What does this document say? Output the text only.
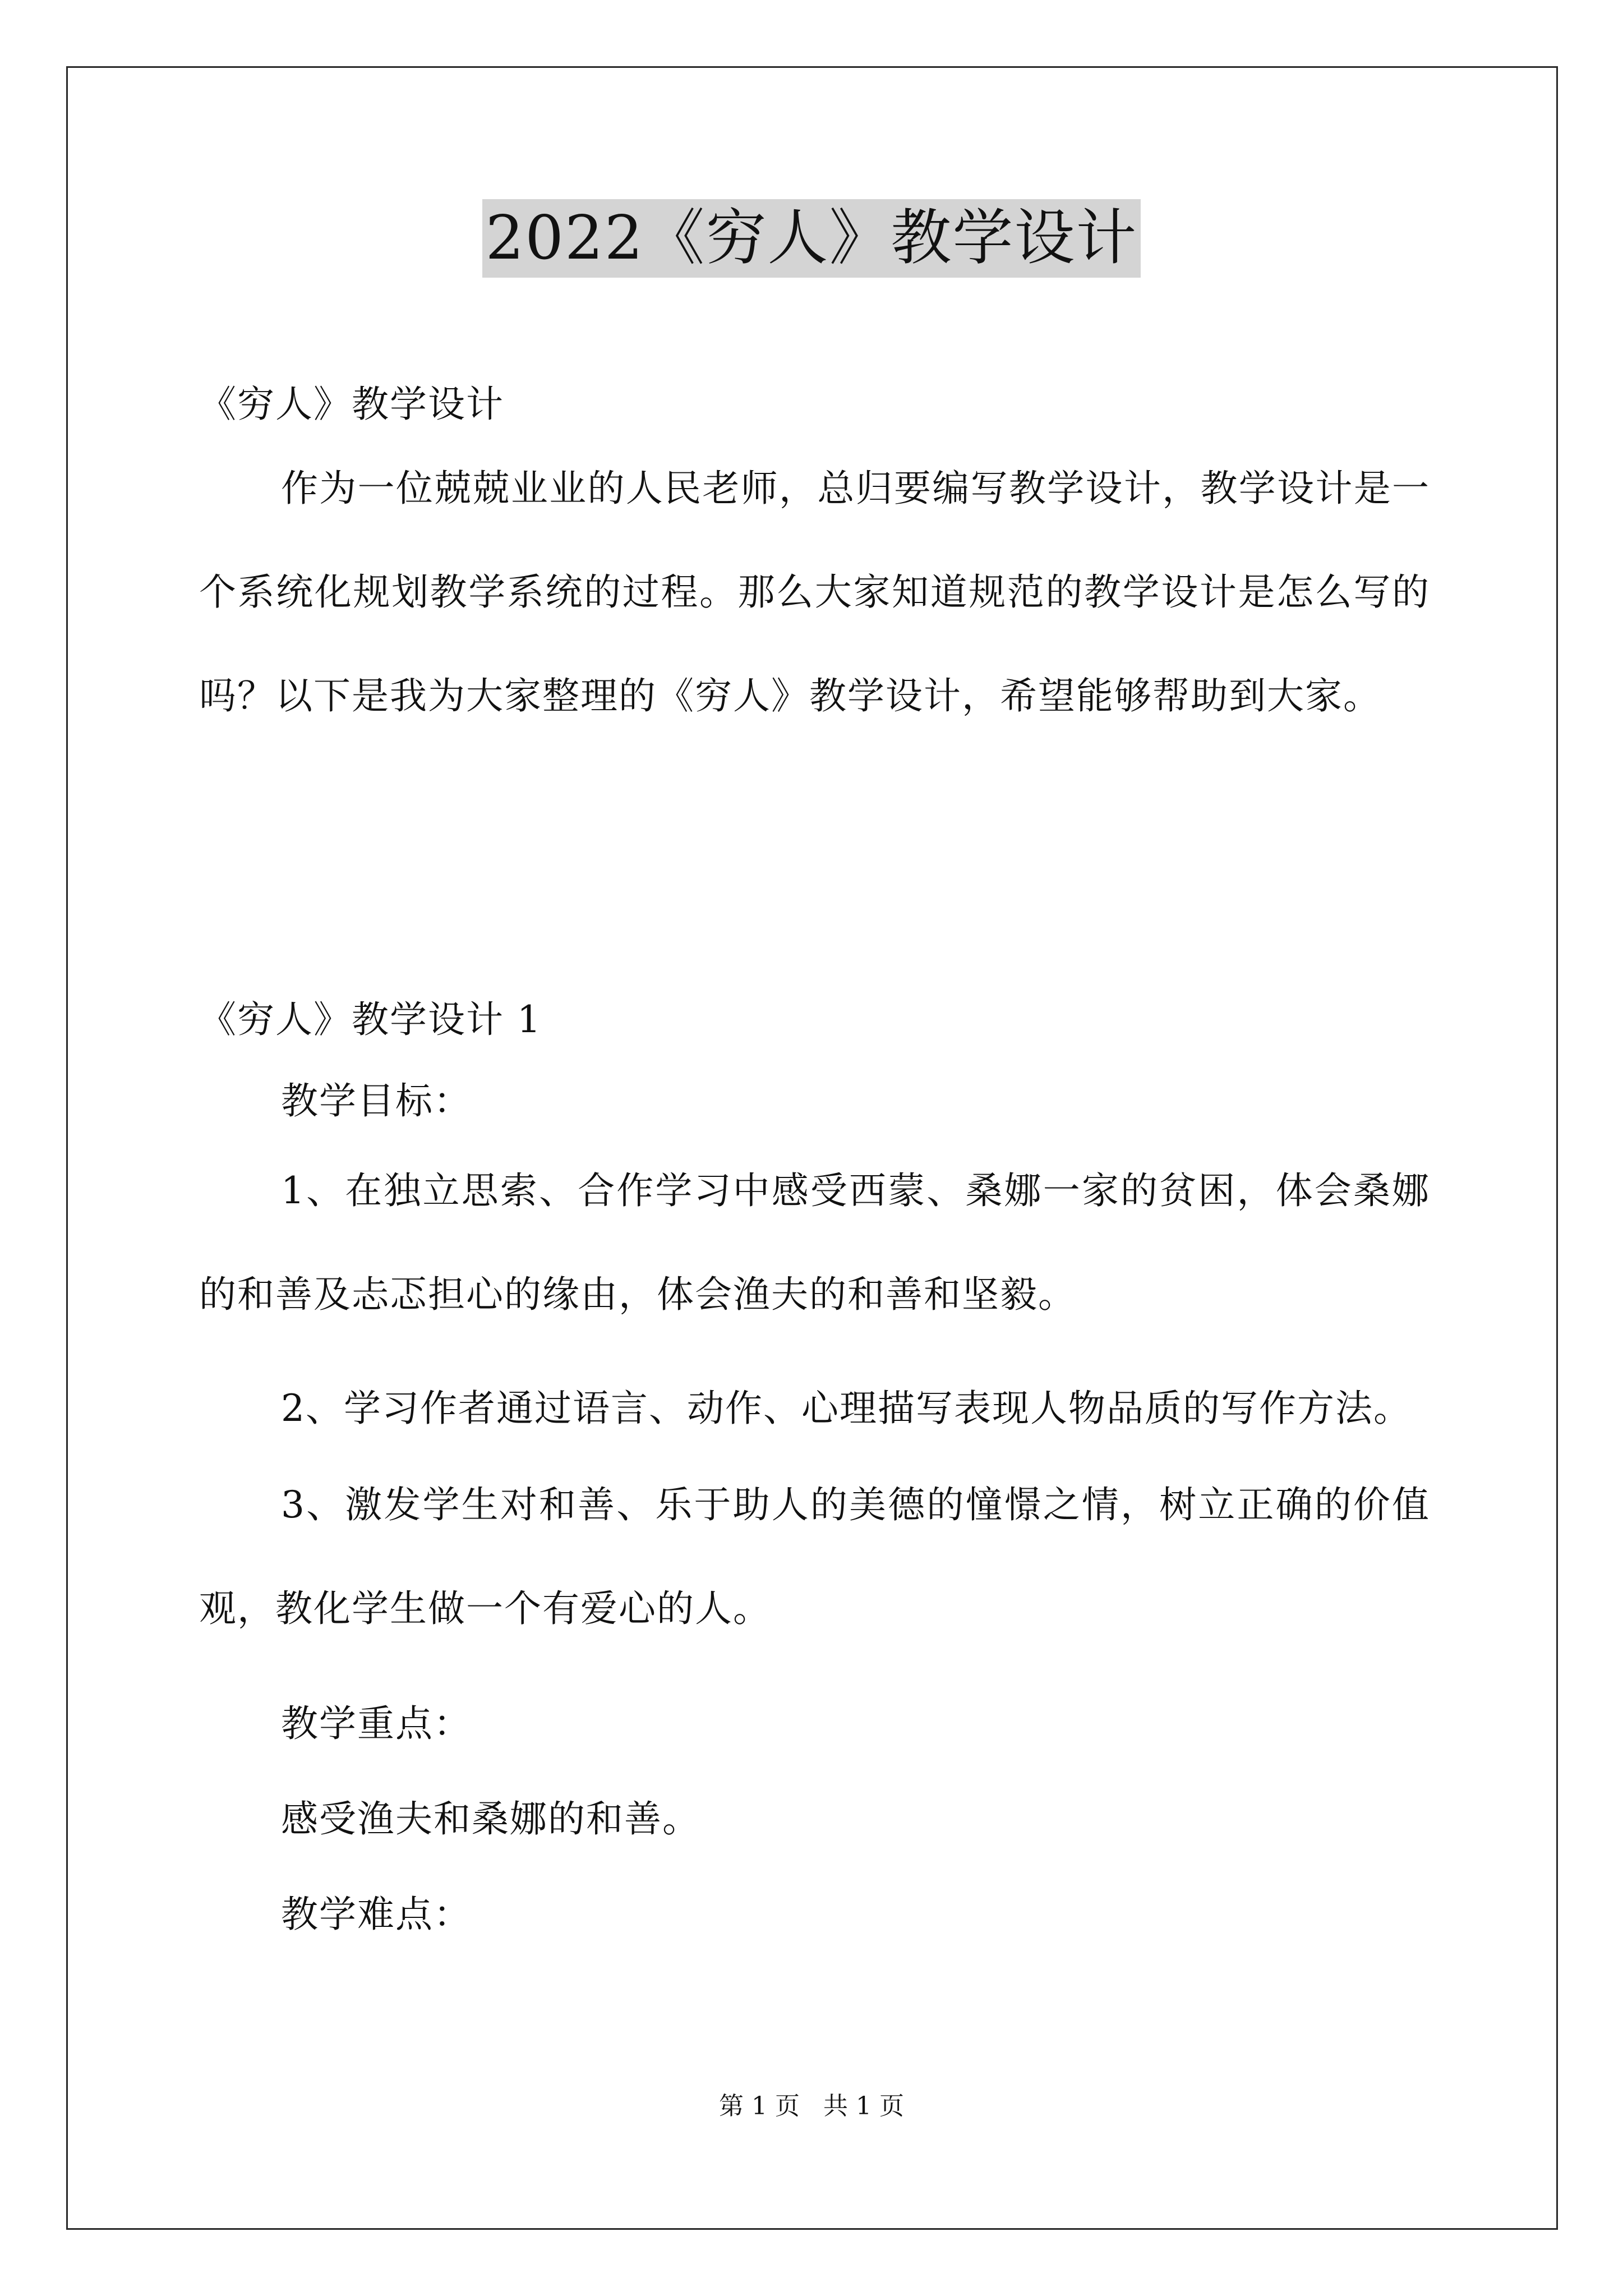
2022《穷人》教学设计

《穷人》教学设计

作为一位兢兢业业的人民老师，总归要编写教学设计，教学设计是一个系统化规划教学系统的过程。那么大家知道规范的教学设计是怎么写的吗？以下是我为大家整理的《穷人》教学设计，希望能够帮助到大家。

《穷人》教学设计 1

教学目标：

1、在独立思索、合作学习中感受西蒙、桑娜一家的贫困，体会桑娜的和善及忐忑担心的缘由，体会渔夫的和善和坚毅。

2、学习作者通过语言、动作、心理描写表现人物品质的写作方法。

3、激发学生对和善、乐于助人的美德的憧憬之情，树立正确的价值观，教化学生做一个有爱心的人。

教学重点：

感受渔夫和桑娜的和善。

教学难点：

第 1 页   共 1 页
